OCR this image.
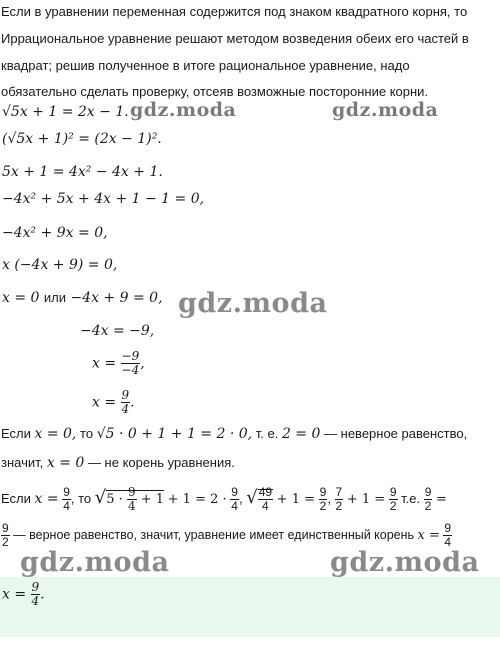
Если в уравнении переменная содержится под знаком квадратного корня, то
Иррациональное уравнение решают методом возведения обеих его частей в
квадрат; решив полученное в итоге рациональное уравнение, надо
обязательно сделать проверку, отсеяв возможные посторонние корни.
√5x + 1 = 2x − 1.
(√5x + 1)² = (2x − 1)².
5x + 1 = 4x² − 4x + 1.
−4x² + 5x + 4x + 1 − 1 = 0,
−4x² + 9x = 0,
x (−4x + 9) = 0,
x = 0 или −4x + 9 = 0,
−4x = −9,
$x = \frac{-9}{-4}$ ,
$x = \frac{9}{4}$ .
Если x = 0, то √5 · 0 + 1 + 1 = 2 · 0, т. е. 2 = 0 — неверное равенство,
значит, x = 0 — не корень уравнения.
Если $x = \frac{9}{4}$ , то $√5 \cdot \frac{9}{4} + 1 + 1 = 2 \cdot \frac{9}{4}$ , √ $\frac{49}{4} + 1 = \frac{9}{2}$ , $\frac{7}{2} + 1 = \frac{9}{2} т.е$. $\frac{9}{2}$ =
$\frac{9}{2}$ — верное равенство, значит, уравнение имеет единственный корень $x = \frac{9}{4}$
$x = \frac{9}{4}$ .
gdz.moda	gdz.moda
gdz.moda
gdz.moda	gdz.moda
